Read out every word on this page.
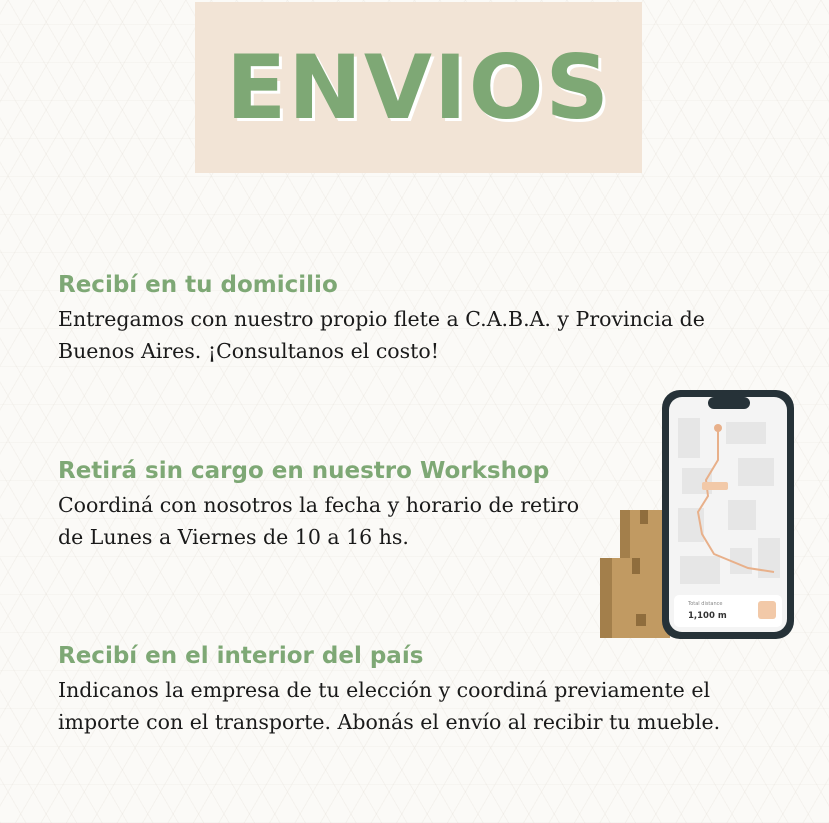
ENVIOS
Recibí en tu domicilio

Entregamos con nuestro propio flete a C.A.B.A. y Provincia de Buenos Aires. ¡Consultanos el costo!

Retirá sin cargo en nuestro Workshop

Coordiná con nosotros la fecha y horario de retiro de Lunes a Viernes de 10 a 16 hs.

Recibí en el interior del país

Indicanos la empresa de tu elección y coordiná previamente el importe con el transporte. Abonás el envío al recibir tu mueble.

Total distance
1,100 m
